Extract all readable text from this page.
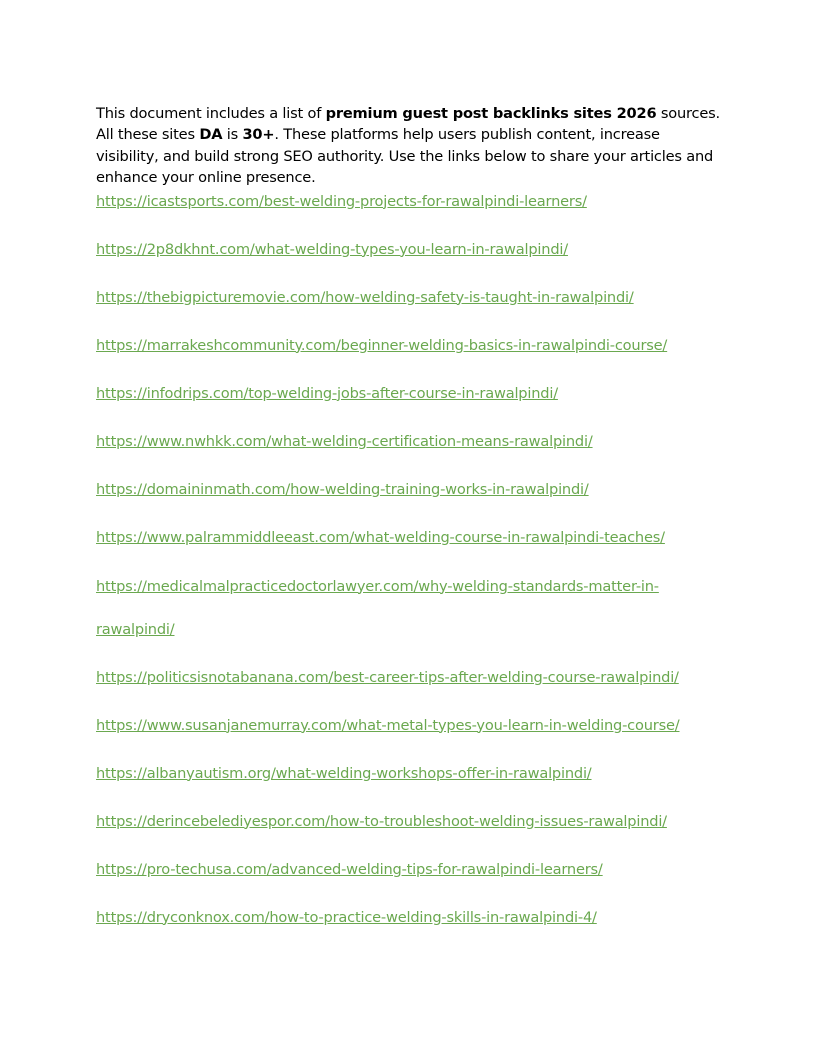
This document includes a list of premium guest post backlinks sites 2026 sources. All these sites DA is 30+. These platforms help users publish content, increase visibility, and build strong SEO authority. Use the links below to share your articles and enhance your online presence.

https://icastsports.com/best-welding-projects-for-rawalpindi-learners/
https://2p8dkhnt.com/what-welding-types-you-learn-in-rawalpindi/
https://thebigpicturemovie.com/how-welding-safety-is-taught-in-rawalpindi/
https://marrakeshcommunity.com/beginner-welding-basics-in-rawalpindi-course/
https://infodrips.com/top-welding-jobs-after-course-in-rawalpindi/
https://www.nwhkk.com/what-welding-certification-means-rawalpindi/
https://domaininmath.com/how-welding-training-works-in-rawalpindi/
https://www.palrammiddleeast.com/what-welding-course-in-rawalpindi-teaches/
https://medicalmalpracticedoctorlawyer.com/why-welding-standards-matter-in-rawalpindi/
https://politicsisnotabanana.com/best-career-tips-after-welding-course-rawalpindi/
https://www.susanjanemurray.com/what-metal-types-you-learn-in-welding-course/
https://albanyautism.org/what-welding-workshops-offer-in-rawalpindi/
https://derincebelediyespor.com/how-to-troubleshoot-welding-issues-rawalpindi/
https://pro-techusa.com/advanced-welding-tips-for-rawalpindi-learners/
https://dryconknox.com/how-to-practice-welding-skills-in-rawalpindi-4/
